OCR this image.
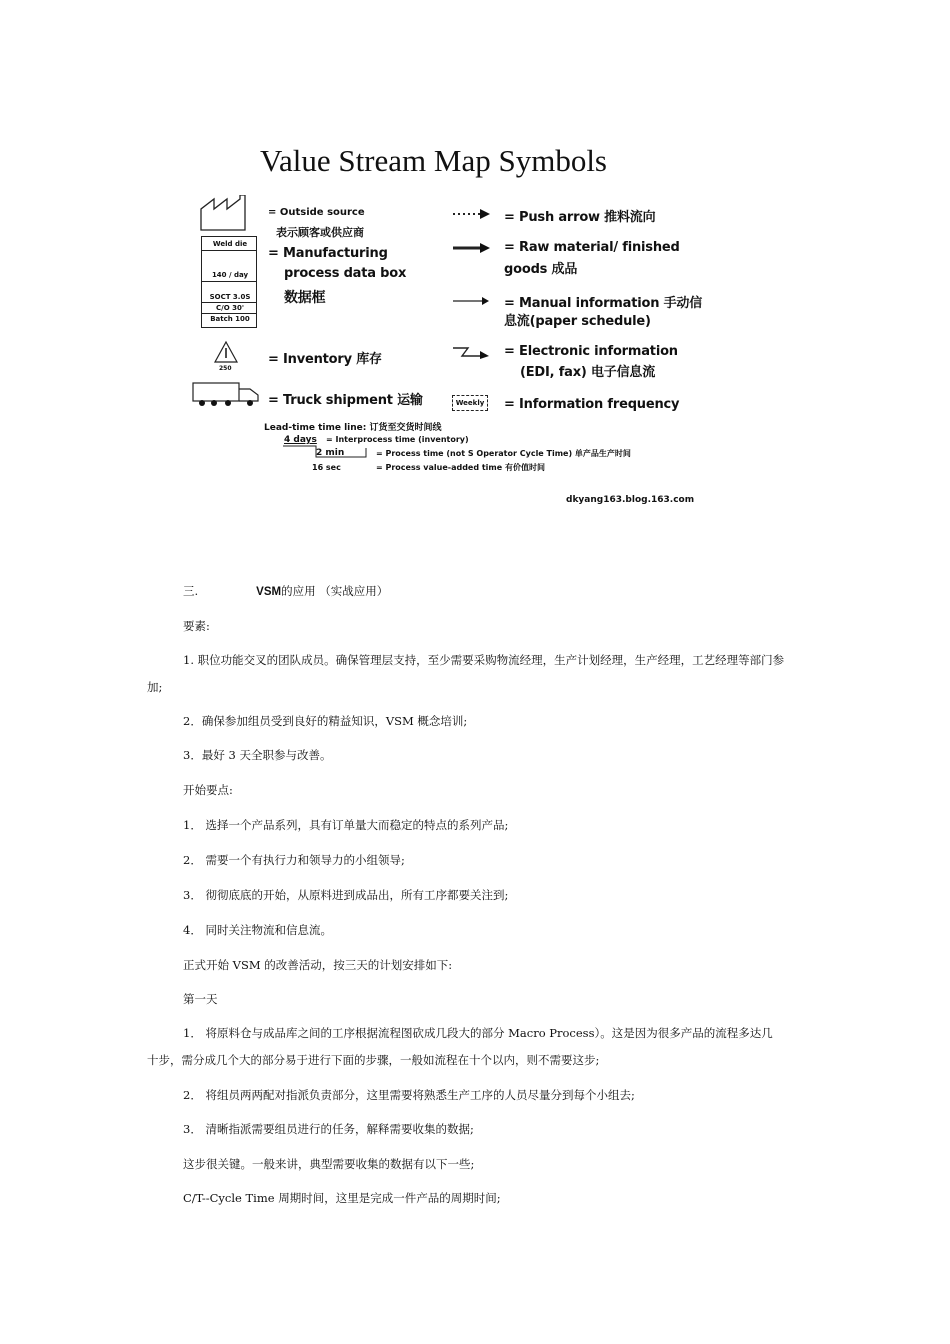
Value Stream Map Symbols
= Outside source
表示顾客或供应商
Weld die
140 / day
SOCT 3.0S
C/O 30'
Batch 100
= Manufacturing
process data box
数据框
250
= Inventory 库存
= Truck shipment 运输
= Push arrow 推料流向
= Raw material/ finished
goods 成品
= Manual information 手动信
息流(paper schedule)
= Electronic information
(EDI, fax) 电子信息流
Weekly = Information frequency
Lead-time time line: 订货至交货时间线
4 days = Interprocess time (inventory)
2 min	= Process time (not S Operator Cycle Time) 单产品生产时间
16 sec	= Process value-added time 有价值时间
dkyang163.blog.163.com
三.	VSM的应用 （实战应用）
要素:
1. 职位功能交叉的团队成员。确保管理层支持，至少需要采购物流经理，生产计划经理，生产经理，工艺经理等部门参
加;
2．确保参加组员受到良好的精益知识，VSM 概念培训;
3．最好 3 天全职参与改善。
开始要点:
1． 选择一个产品系列，具有订单量大而稳定的特点的系列产品;
2． 需要一个有执行力和领导力的小组领导;
3． 彻彻底底的开始，从原料进到成品出，所有工序都要关注到;
4． 同时关注物流和信息流。
正式开始 VSM 的改善活动，按三天的计划安排如下:
第一天
1． 将原料仓与成品库之间的工序根据流程图砍成几段大的部分 Macro Process）。这是因为很多产品的流程多达几
十步，需分成几个大的部分易于进行下面的步骤，一般如流程在十个以内，则不需要这步;
2． 将组员两两配对指派负责部分，这里需要将熟悉生产工序的人员尽量分到每个小组去;
3． 清晰指派需要组员进行的任务，解释需要收集的数据;
这步很关键。一般来讲，典型需要收集的数据有以下一些;
C/T--Cycle Time 周期时间，这里是完成一件产品的周期时间;
